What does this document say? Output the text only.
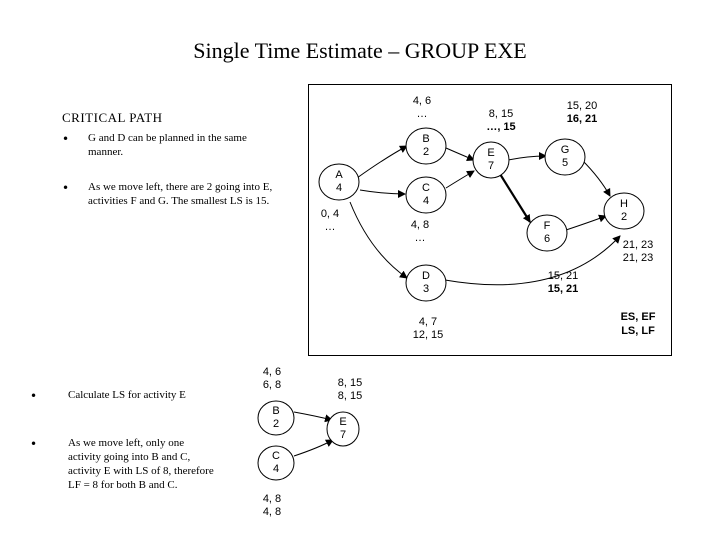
Single Time Estimate – GROUP EXE
CRITICAL PATH
• G and D can be planned in the same manner.
• As we move left, there are 2 going into E, activities F and G. The smallest LS is 15.
•	Calculate LS for activity E
•	As we move left, only one activity going into B and C, activity E with LS of 8, therefore LF = 8 for both B and C.
A
4
B
2
C
4
D
3
E
7
F
6
G
5
H
2
4, 6
…
0, 4
…	4, 8
…
4, 7
12, 15
8, 15
…, 15
15, 21
15, 21
15, 20
16, 21
21, 23
21, 23
ES, EF
LS, LF
B
2
C
4
E
7
4, 6
6, 8
4, 8
4, 8
8, 15
8, 15
